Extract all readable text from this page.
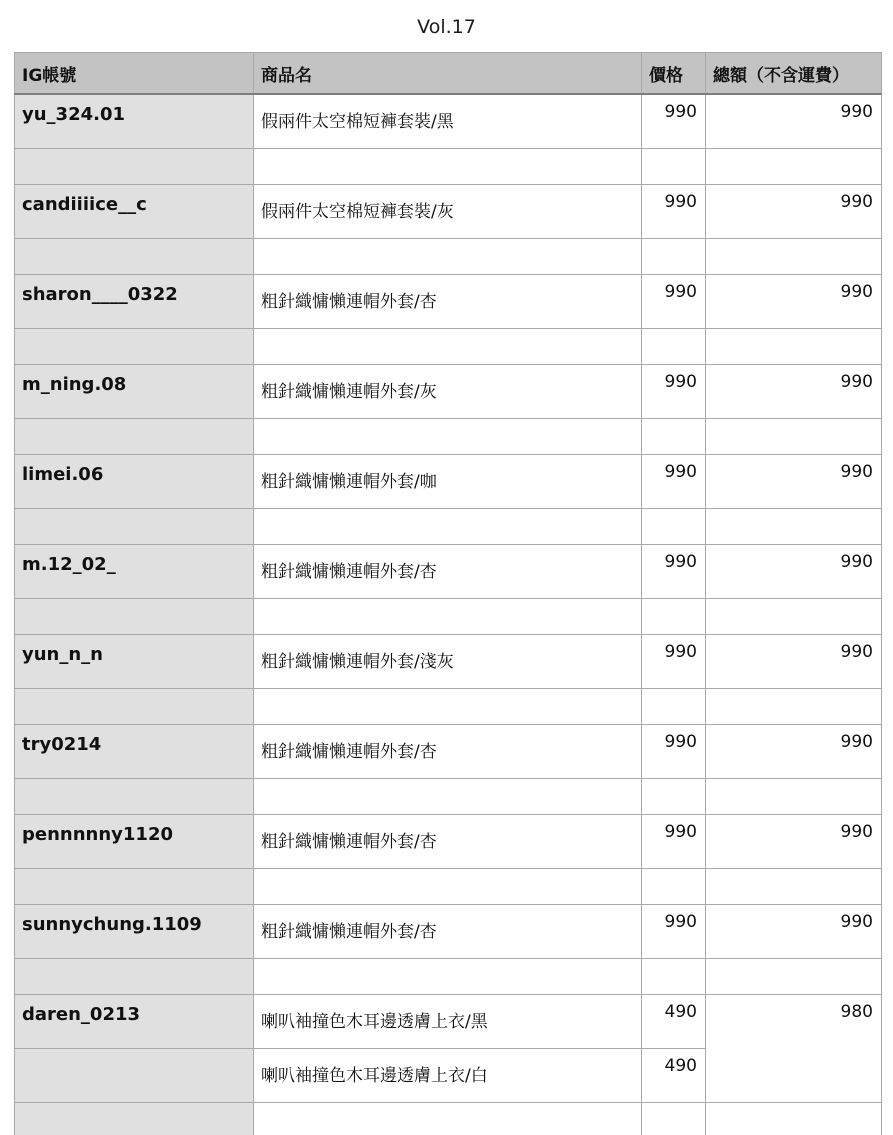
Vol.17
IG帳號	商品名	價格	總額（不含運費）
yu_324.01	假兩件太空棉短褲套裝/黑	990	990

candiiiice__c	假兩件太空棉短褲套裝/灰	990	990

sharon____0322	粗針織慵懶連帽外套/杏	990	990

m_ning.08	粗針織慵懶連帽外套/灰	990	990

limei.06	粗針織慵懶連帽外套/咖	990	990

m.12_02_	粗針織慵懶連帽外套/杏	990	990

yun_n_n	粗針織慵懶連帽外套/淺灰	990	990

try0214	粗針織慵懶連帽外套/杏	990	990

pennnnny1120	粗針織慵懶連帽外套/杏	990	990

sunnychung.1109	粗針織慵懶連帽外套/杏	990	990

daren_0213	喇叭袖撞色木耳邊透膚上衣/黑	490	980
	喇叭袖撞色木耳邊透膚上衣/白	490	
